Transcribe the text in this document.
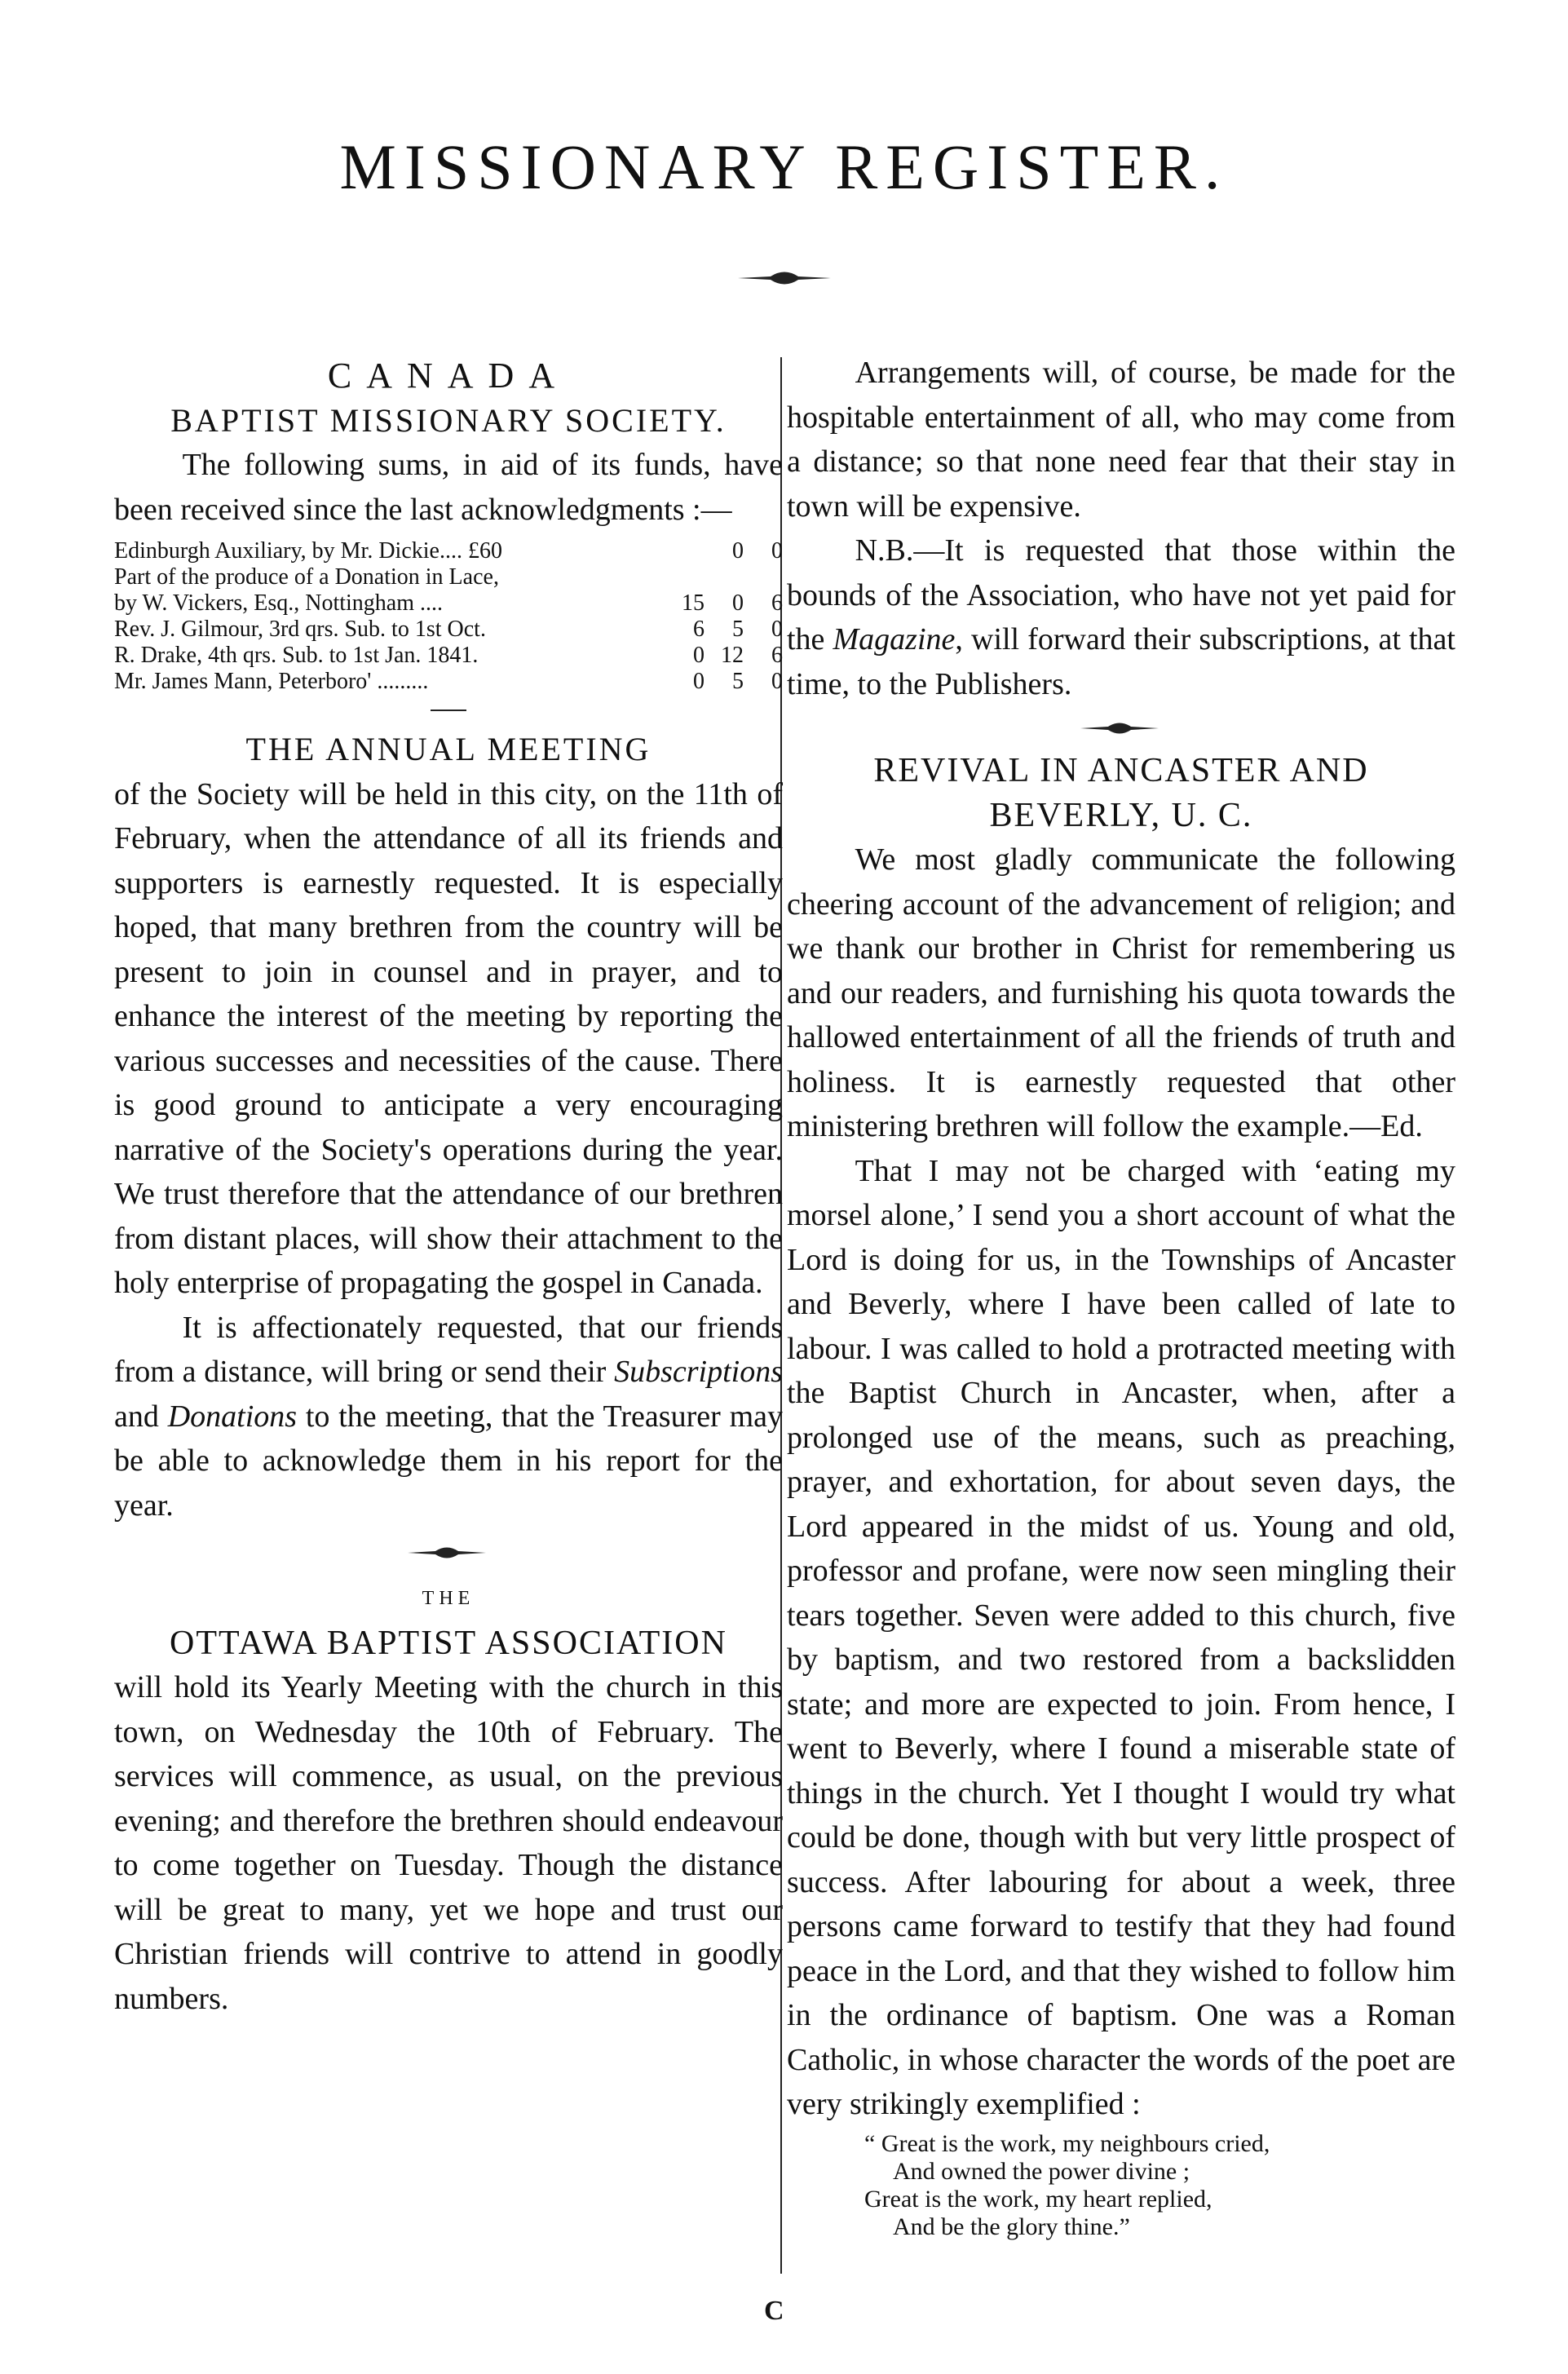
MISSIONARY REGISTER.
CANADA
BAPTIST MISSIONARY SOCIETY.

The following sums, in aid of its funds, have been received since the last acknowledgments :—

Edinburgh Auxiliary, by Mr. Dickie.... £60		0	0
Part of the produce of a Donation in Lace,			
by W. Vickers, Esq., Nottingham ....	15	0	6
Rev. J. Gilmour, 3rd qrs. Sub. to 1st Oct.	6	5	0
R. Drake, 4th qrs. Sub. to 1st Jan. 1841.	0	12	6
Mr. James Mann, Peterboro' .........	0	5	0
THE ANNUAL MEETING

of the Society will be held in this city, on the 11th of February, when the attendance of all its friends and supporters is earnestly requested. It is especially hoped, that many brethren from the country will be present to join in counsel and in prayer, and to enhance the interest of the meeting by reporting the various successes and necessities of the cause. There is good ground to anticipate a very encouraging narrative of the Society's operations during the year. We trust therefore that the attendance of our brethren from distant places, will show their attachment to the holy enterprise of propagating the gospel in Canada.

It is affectionately requested, that our friends from a distance, will bring or send their Subscriptions and Donations to the meeting, that the Treasurer may be able to acknowledge them in his report for the year.

THE
OTTAWA BAPTIST ASSOCIATION

will hold its Yearly Meeting with the church in this town, on Wednesday the 10th of February. The services will commence, as usual, on the previous evening; and therefore the brethren should endeavour to come together on Tuesday. Though the distance will be great to many, yet we hope and trust our Christian friends will contrive to attend in goodly numbers.

Arrangements will, of course, be made for the hospitable entertainment of all, who may come from a distance; so that none need fear that their stay in town will be expensive.

N.B.—It is requested that those within the bounds of the Association, who have not yet paid for the Magazine, will forward their subscriptions, at that time, to the Publishers.

REVIVAL IN ANCASTER AND BEVERLY, U. C.

We most gladly communicate the following cheering account of the advancement of religion; and we thank our brother in Christ for remembering us and our readers, and furnishing his quota towards the hallowed entertainment of all the friends of truth and holiness. It is earnestly requested that other ministering brethren will follow the example.—Ed.

That I may not be charged with ‘eating my morsel alone,’ I send you a short account of what the Lord is doing for us, in the Townships of Ancaster and Beverly, where I have been called of late to labour. I was called to hold a protracted meeting with the Baptist Church in Ancaster, when, after a prolonged use of the means, such as preaching, prayer, and exhortation, for about seven days, the Lord appeared in the midst of us. Young and old, professor and profane, were now seen mingling their tears together. Seven were added to this church, five by baptism, and two restored from a backslidden state; and more are expected to join. From hence, I went to Beverly, where I found a miserable state of things in the church. Yet I thought I would try what could be done, though with but very little prospect of success. After labouring for about a week, three persons came forward to testify that they had found peace in the Lord, and that they wished to follow him in the ordinance of baptism. One was a Roman Catholic, in whose character the words of the poet are very strikingly exemplified :

“ Great is the work, my neighbours cried,
And owned the power divine ;
Great is the work, my heart replied,
And be the glory thine.”
C
